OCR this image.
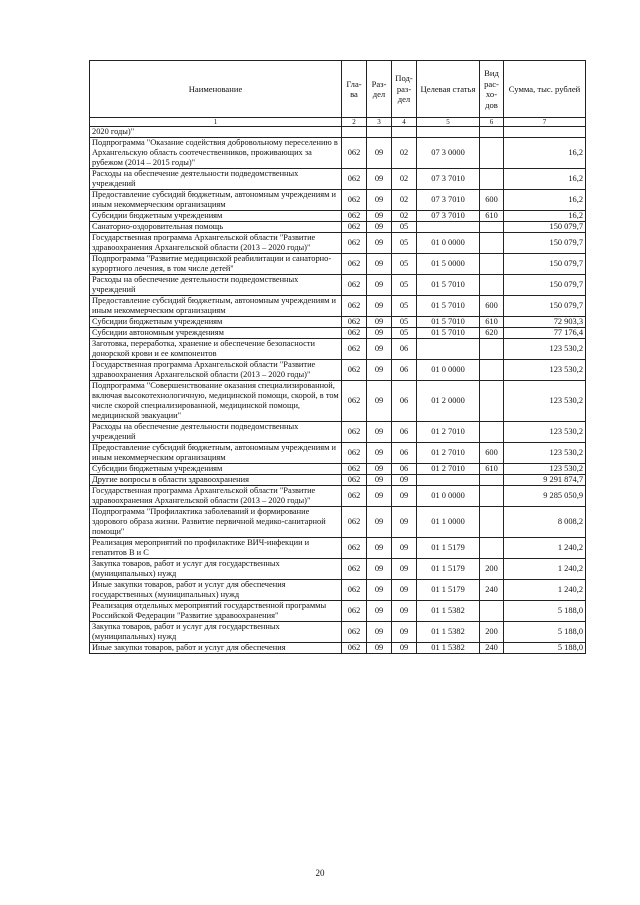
Наименование	Гла-ва	Раз-дел	Под-раз-дел	Целевая статья	Вид рас-хо-дов	Сумма, тыс. рублей
1	2	3	4	5	6	7
2020 годы)"						
Подпрограмма "Оказание содействия добровольному переселению в Архангельскую область соотечественников, проживающих за рубежом (2014 – 2015 годы)"	062	09	02	07 3 0000		16,2
Расходы на обеспечение деятельности подведомственных учреждений	062	09	02	07 3 7010		16,2
Предоставление субсидий бюджетным, автономным учреждениям и иным некоммерческим организациям	062	09	02	07 3 7010	600	16,2
Субсидии бюджетным учреждениям	062	09	02	07 3 7010	610	16,2
Санаторно-оздоровительная помощь	062	09	05			150 079,7
Государственная программа Архангельской области "Развитие здравоохранения Архангельской области (2013 – 2020 годы)"	062	09	05	01 0 0000		150 079,7
Подпрограмма "Развитие медицинской реабилитации и санаторно-курортного лечения, в том числе детей"	062	09	05	01 5 0000		150 079,7
Расходы на обеспечение деятельности подведомственных учреждений	062	09	05	01 5 7010		150 079,7
Предоставление субсидий бюджетным, автономным учреждениям и иным некоммерческим организациям	062	09	05	01 5 7010	600	150 079,7
Субсидии бюджетным учреждениям	062	09	05	01 5 7010	610	72 903,3
Субсидии автономным учреждениям	062	09	05	01 5 7010	620	77 176,4
Заготовка, переработка, хранение и обеспечение безопасности донорской крови и ее компонентов	062	09	06			123 530,2
Государственная программа Архангельской области "Развитие здравоохранения Архангельской области (2013 – 2020 годы)"	062	09	06	01 0 0000		123 530,2
Подпрограмма "Совершенствование оказания специализированной, включая высокотехнологичную, медицинской помощи, скорой, в том числе скорой специализированной, медицинской помощи, медицинской эвакуации"	062	09	06	01 2 0000		123 530,2
Расходы на обеспечение деятельности подведомственных учреждений	062	09	06	01 2 7010		123 530,2
Предоставление субсидий бюджетным, автономным учреждениям и иным некоммерческим организациям	062	09	06	01 2 7010	600	123 530,2
Субсидии бюджетным учреждениям	062	09	06	01 2 7010	610	123 530,2
Другие вопросы в области здравоохранения	062	09	09			9 291 874,7
Государственная программа Архангельской области "Развитие здравоохранения Архангельской области (2013 – 2020 годы)"	062	09	09	01 0 0000		9 285 050,9
Подпрограмма "Профилактика заболеваний и формирование здорового образа жизни. Развитие первичной медико-санитарной помощи"	062	09	09	01 1 0000		8 008,2
Реализация мероприятий по профилактике ВИЧ-инфекции и гепатитов В и С	062	09	09	01 1 5179		1 240,2
Закупка товаров, работ и услуг для государственных (муниципальных) нужд	062	09	09	01 1 5179	200	1 240,2
Иные закупки товаров, работ и услуг для обеспечения государственных (муниципальных) нужд	062	09	09	01 1 5179	240	1 240,2
Реализация отдельных мероприятий государственной программы Российской Федерации "Развитие здравоохранения"	062	09	09	01 1 5382		5 188,0
Закупка товаров, работ и услуг для государственных (муниципальных) нужд	062	09	09	01 1 5382	200	5 188,0
Иные закупки товаров, работ и услуг для обеспечения	062	09	09	01 1 5382	240	5 188,0
20
